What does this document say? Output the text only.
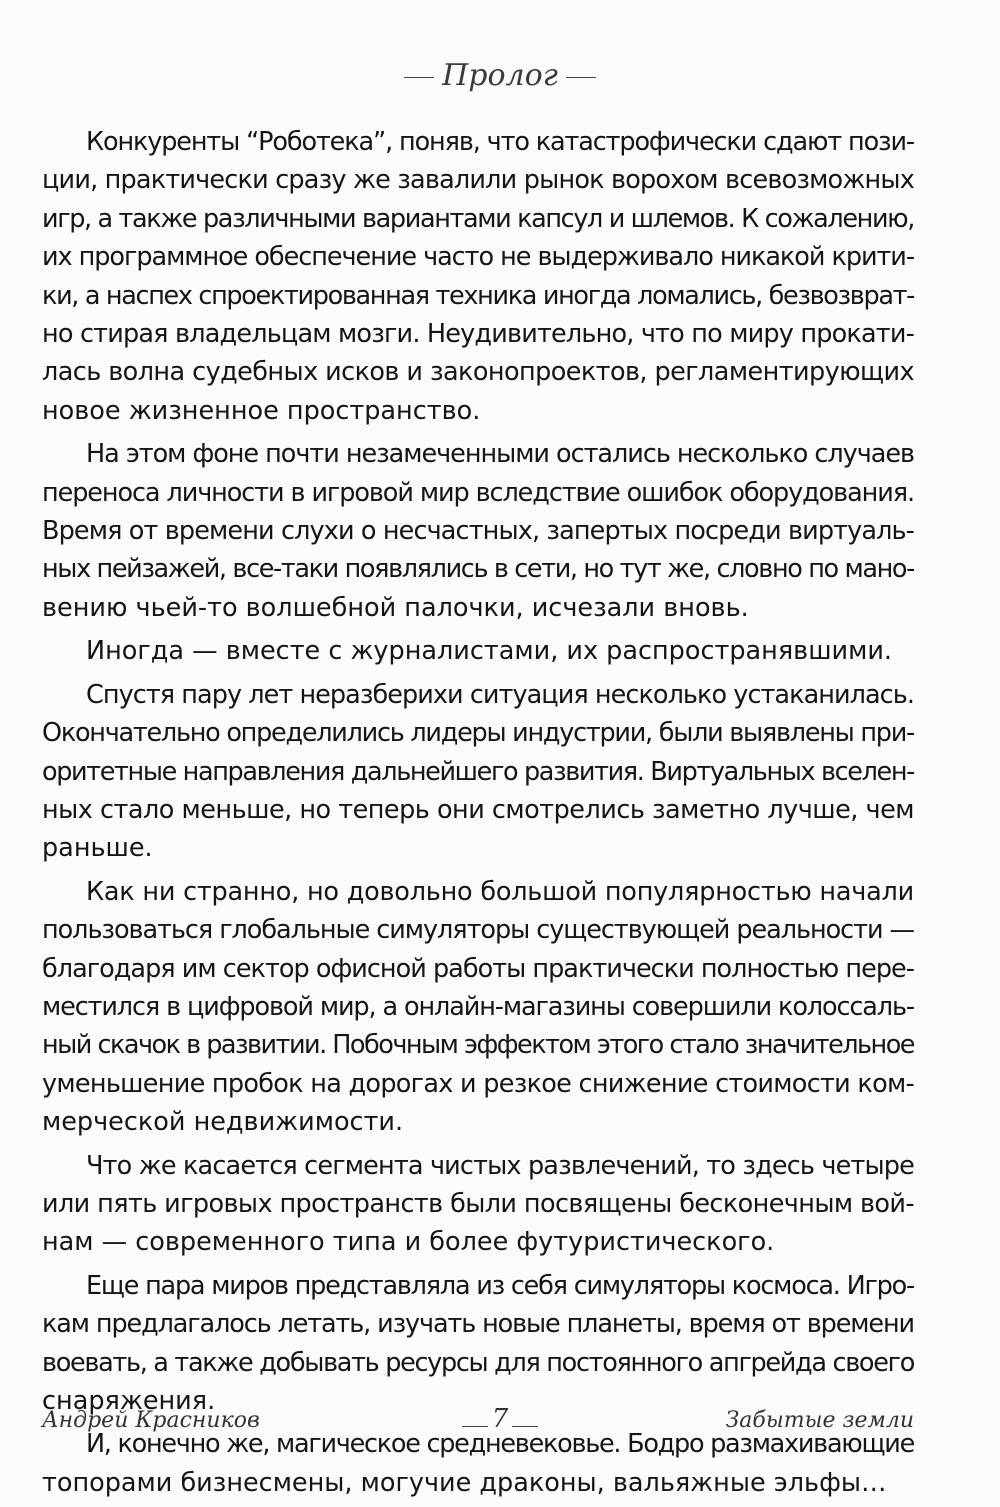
Пролог

Конкуренты “Роботека”, поняв, что катастрофически сдают пози-
ции, практически сразу же завалили рынок ворохом всевозможных
игр, а также различными вариантами капсул и шлемов. К сожалению,
их программное обеспечение часто не выдерживало никакой крити-
ки, а наспех спроектированная техника иногда ломались, безвозврат-
но стирая владельцам мозги. Неудивительно, что по миру прокати-
лась волна судебных исков и законопроектов, регламентирующих
новое жизненное пространство.

На этом фоне почти незамеченными остались несколько случаев
переноса личности в игровой мир вследствие ошибок оборудования.
Время от времени слухи о несчастных, запертых посреди виртуаль-
ных пейзажей, все-таки появлялись в сети, но тут же, словно по мано-
вению чьей-то волшебной палочки, исчезали вновь.

Иногда — вместе с журналистами, их распространявшими.

Спустя пару лет неразберихи ситуация несколько устаканилась.
Окончательно определились лидеры индустрии, были выявлены при-
оритетные направления дальнейшего развития. Виртуальных вселен-
ных стало меньше, но теперь они смотрелись заметно лучше, чем
раньше.

Как ни странно, но довольно большой популярностью начали
пользоваться глобальные симуляторы существующей реальности —
благодаря им сектор офисной работы практически полностью пере-
местился в цифровой мир, а онлайн-магазины совершили колоссаль-
ный скачок в развитии. Побочным эффектом этого стало значительное
уменьшение пробок на дорогах и резкое снижение стоимости ком-
мерческой недвижимости.

Что же касается сегмента чистых развлечений, то здесь четыре
или пять игровых пространств были посвящены бесконечным вой-
нам — современного типа и более футуристического.

Еще пара миров представляла из себя симуляторы космоса. Игро-
кам предлагалось летать, изучать новые планеты, время от времени
воевать, а также добывать ресурсы для постоянного апгрейда своего
снаряжения.

И, конечно же, магическое средневековье. Бодро размахивающие
топорами бизнесмены, могучие драконы, вальяжные эльфы…

Андрей Красников	7	Забытые земли
